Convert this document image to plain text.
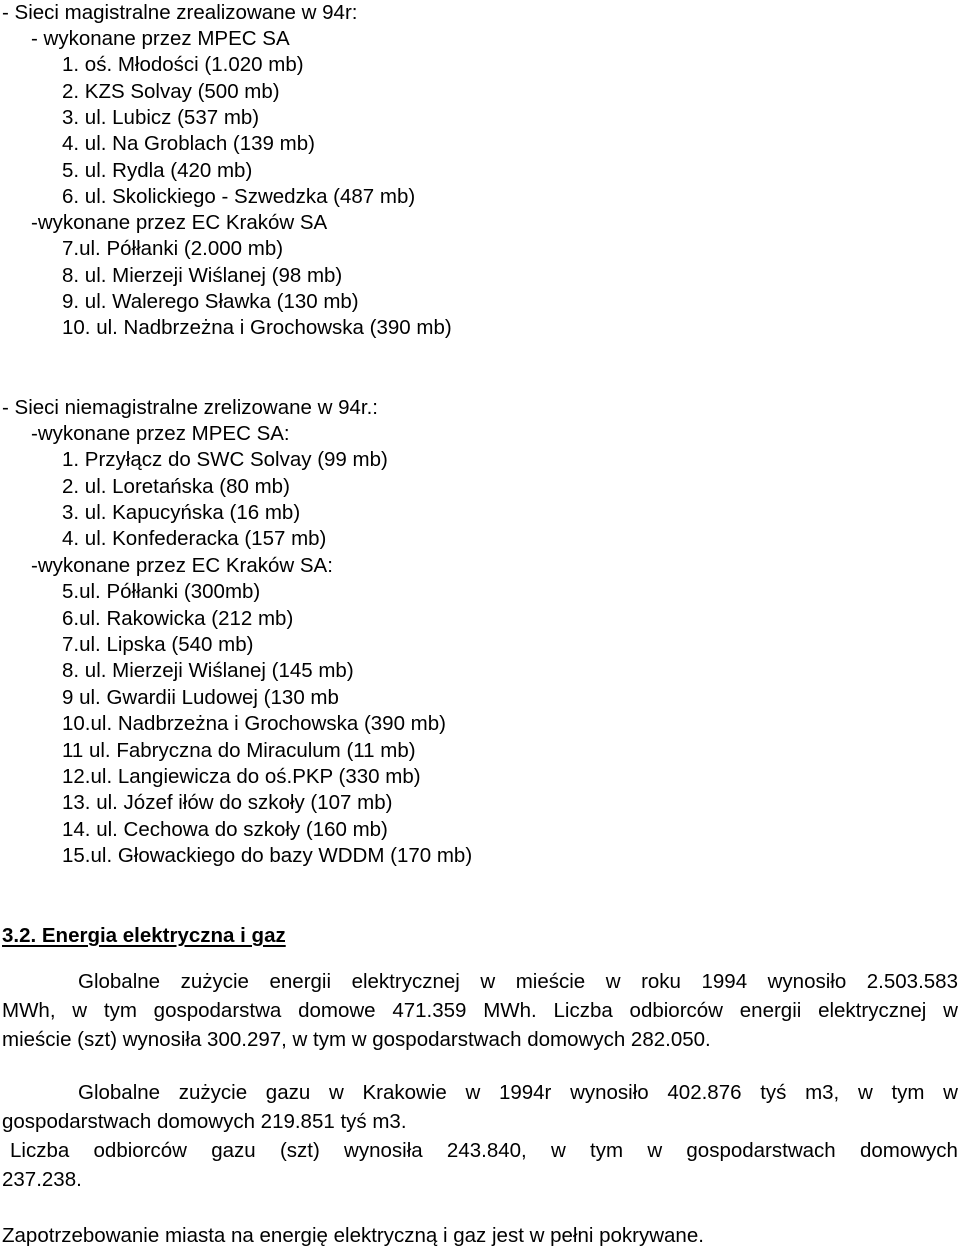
- Sieci magistralne zrealizowane w 94r:
- wykonane przez MPEC SA
1. oś. Młodości (1.020 mb)
2. KZS Solvay (500 mb)
3. ul. Lubicz (537 mb)
4. ul. Na Groblach (139 mb)
5. ul. Rydla (420 mb)
6. ul. Skolickiego - Szwedzka (487 mb)
-wykonane przez EC Kraków SA
7.ul. Półłanki (2.000 mb)
8. ul. Mierzeji Wiślanej (98 mb)
9. ul. Walerego Sławka (130 mb)
10. ul. Nadbrzeżna i Grochowska (390 mb)
- Sieci niemagistralne zrelizowane w 94r.:
-wykonane przez MPEC SA:
1. Przyłącz do SWC Solvay (99 mb)
2. ul. Loretańska (80 mb)
3. ul. Kapucyńska (16 mb)
4. ul. Konfederacka (157 mb)
-wykonane przez EC Kraków SA:
5.ul. Półłanki (300mb)
6.ul. Rakowicka (212 mb)
7.ul. Lipska (540 mb)
8. ul. Mierzeji Wiślanej (145 mb)
9 ul. Gwardii Ludowej (130 mb
10.ul. Nadbrzeżna i Grochowska (390 mb)
11 ul. Fabryczna do Miraculum (11 mb)
12.ul. Langiewicza do oś.PKP (330 mb)
13. ul. Józef iłów do szkoły (107 mb)
14. ul. Cechowa do szkoły (160 mb)
15.ul. Głowackiego do bazy WDDM (170 mb)
3.2. Energia elektryczna i gaz

Globalne zużycie energii elektrycznej w mieście w roku 1994 wynosiło 2.503.583

MWh, w tym gospodarstwa domowe 471.359 MWh. Liczba odbiorców energii elektrycznej w

mieście (szt) wynosiła 300.297, w tym w gospodarstwach domowych 282.050.

Globalne zużycie gazu w Krakowie w 1994r wynosiło 402.876 tyś m3, w tym w

gospodarstwach domowych 219.851 tyś m3.

Liczba odbiorców gazu (szt) wynosiła 243.840, w tym w gospodarstwach domowych

237.238.

Zapotrzebowanie miasta na energię elektryczną i gaz jest w pełni pokrywane.
